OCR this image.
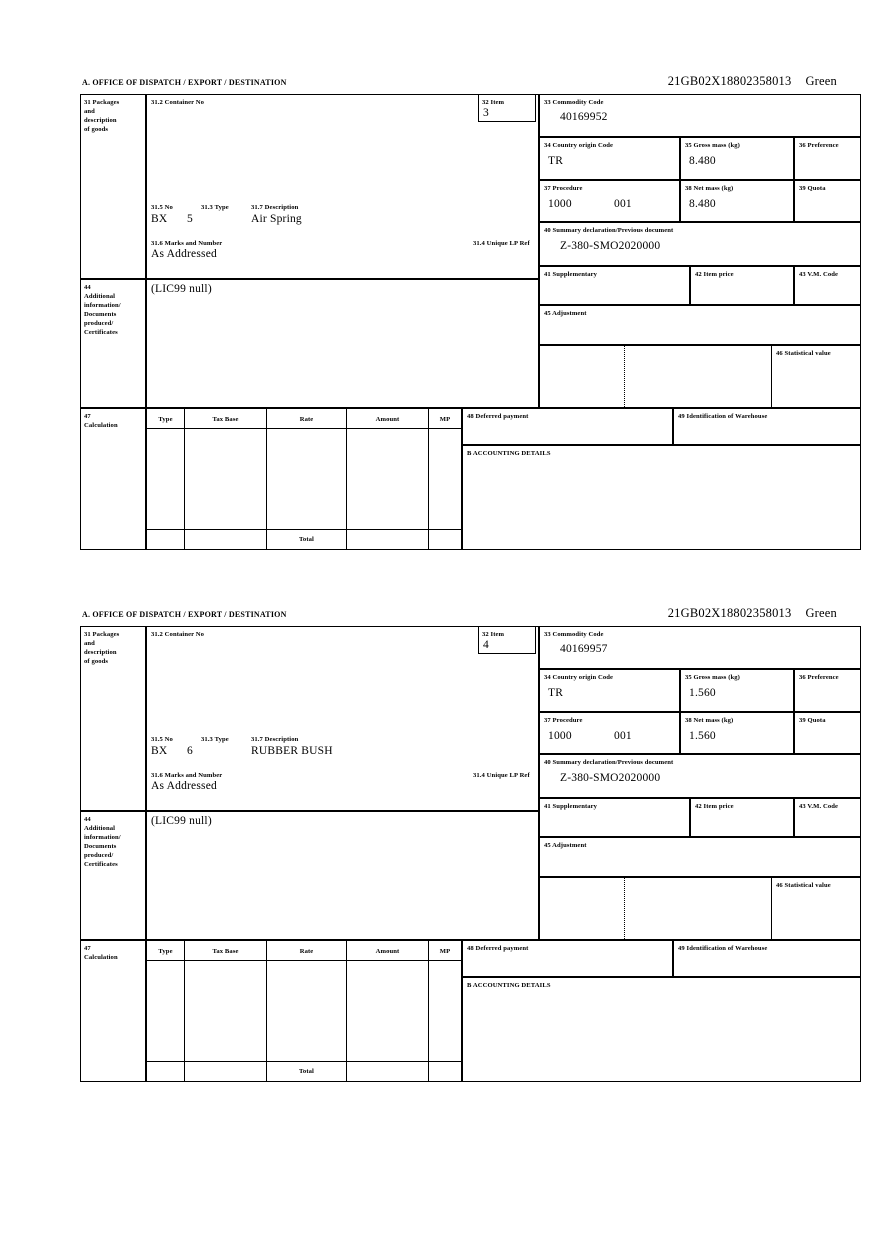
A. OFFICE OF DISPATCH / EXPORT / DESTINATION	21GB02X18802358013 Green
31 Packages
and
description
of goods
31.2 Container No
31.5 No	31.3 Type	31.7 Description
BX 5	Air Spring
31.6 Marks and Number	31.4 Unique LP Ref
As Addressed
32 Item
3
33 Commodity Code
40169952
34 Country origin Code
TR
35 Gross mass (kg)
8.480
36 Preference
37 Procedure
1000	001
38 Net mass (kg)
8.480
39 Quota
40 Summary declaration/Previous document
Z-380-SMO2020000
41 Supplementary	42 Item price	43 V.M. Code
44
Additional
information/
Documents
produced/
Certificates
(LIC99 null)
45 Adjustment
46 Statistical value
47
Calculation
Type	Tax Base	Rate	Amount	MP
Total
48 Deferred payment	49 Identification of Warehouse
B ACCOUNTING DETAILS
A. OFFICE OF DISPATCH / EXPORT / DESTINATION	21GB02X18802358013 Green
31 Packages
and
description
of goods
31.2 Container No
31.5 No	31.3 Type	31.7 Description
BX 6	RUBBER BUSH
31.6 Marks and Number	31.4 Unique LP Ref
As Addressed
32 Item
4
33 Commodity Code
40169957
34 Country origin Code
TR
35 Gross mass (kg)
1.560
36 Preference
37 Procedure
1000	001
38 Net mass (kg)
1.560
39 Quota
40 Summary declaration/Previous document
Z-380-SMO2020000
41 Supplementary	42 Item price	43 V.M. Code
44
Additional
information/
Documents
produced/
Certificates
(LIC99 null)
45 Adjustment
46 Statistical value
47
Calculation
Type	Tax Base	Rate	Amount	MP
Total
48 Deferred payment	49 Identification of Warehouse
B ACCOUNTING DETAILS
